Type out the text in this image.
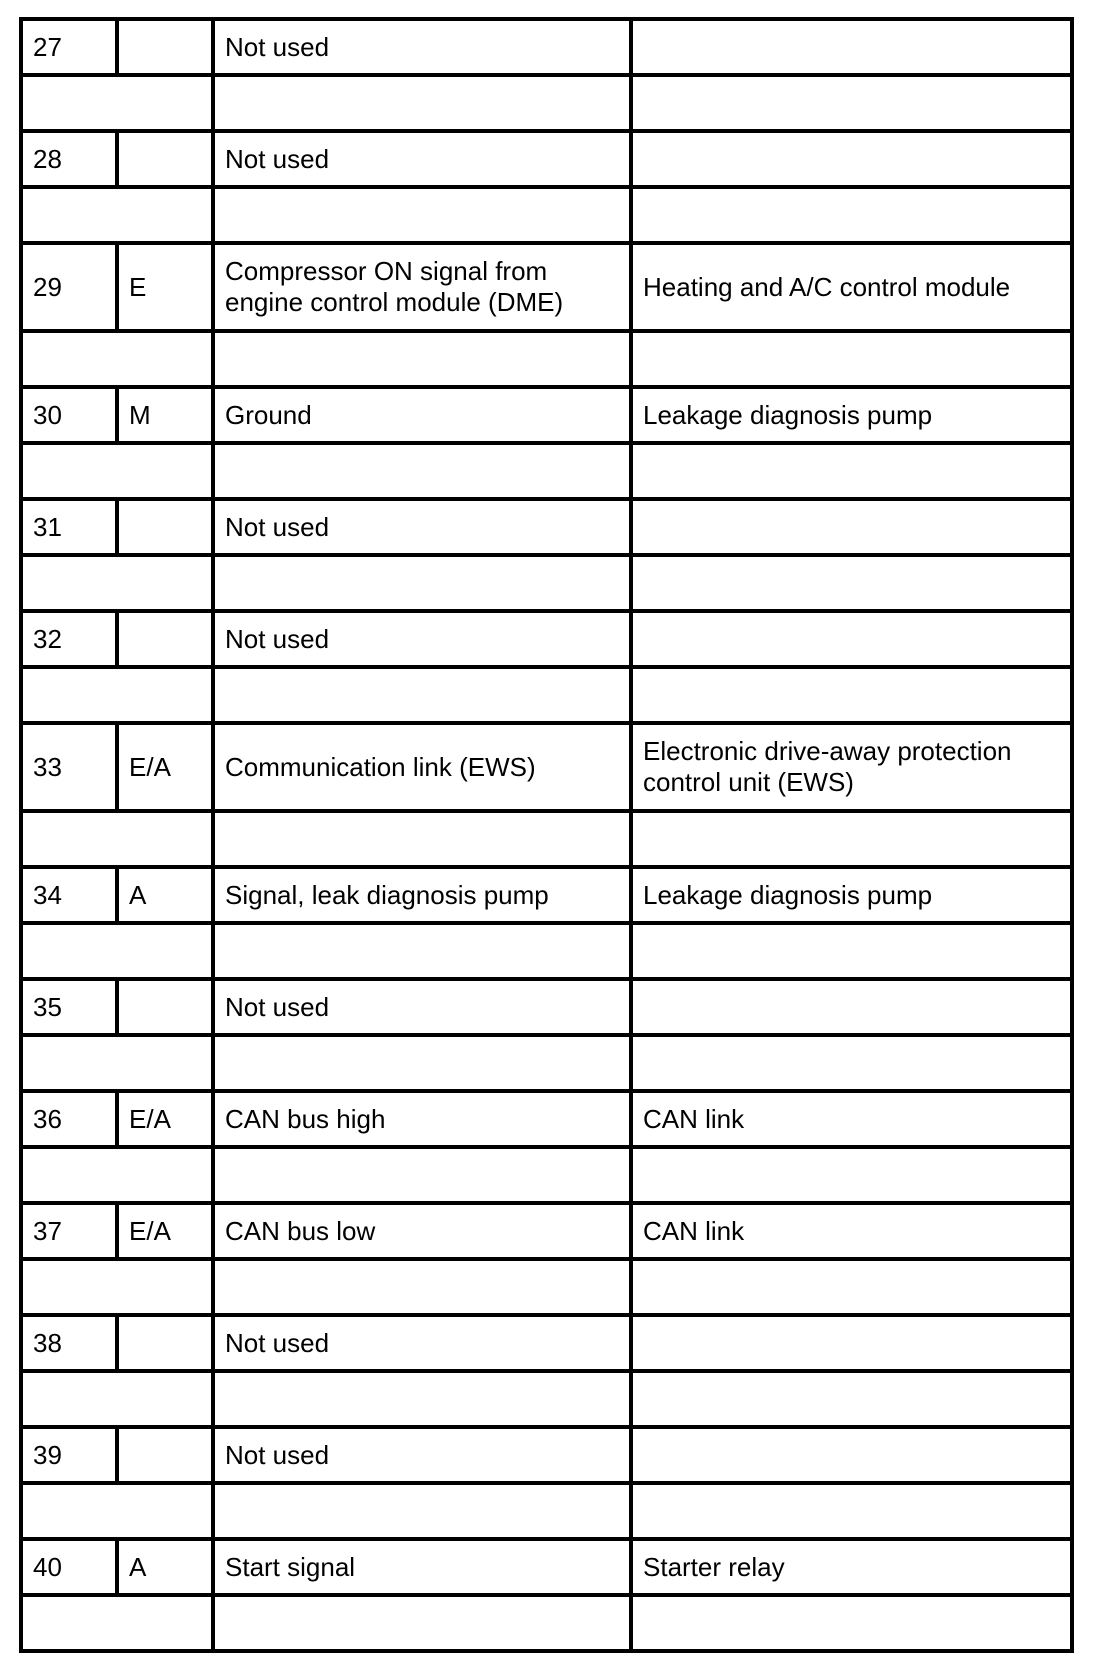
27		Not used	

28		Not used	

29	E	Compressor ON signal from
engine control module (DME)	Heating and A/C control module

30	M	Ground	Leakage diagnosis pump

31		Not used	

32		Not used	

33	E/A	Communication link (EWS)	Electronic drive-away protection
control unit (EWS)

34	A	Signal, leak diagnosis pump	Leakage diagnosis pump

35		Not used	

36	E/A	CAN bus high	CAN link

37	E/A	CAN bus low	CAN link

38		Not used	

39		Not used	

40	A	Start signal	Starter relay
